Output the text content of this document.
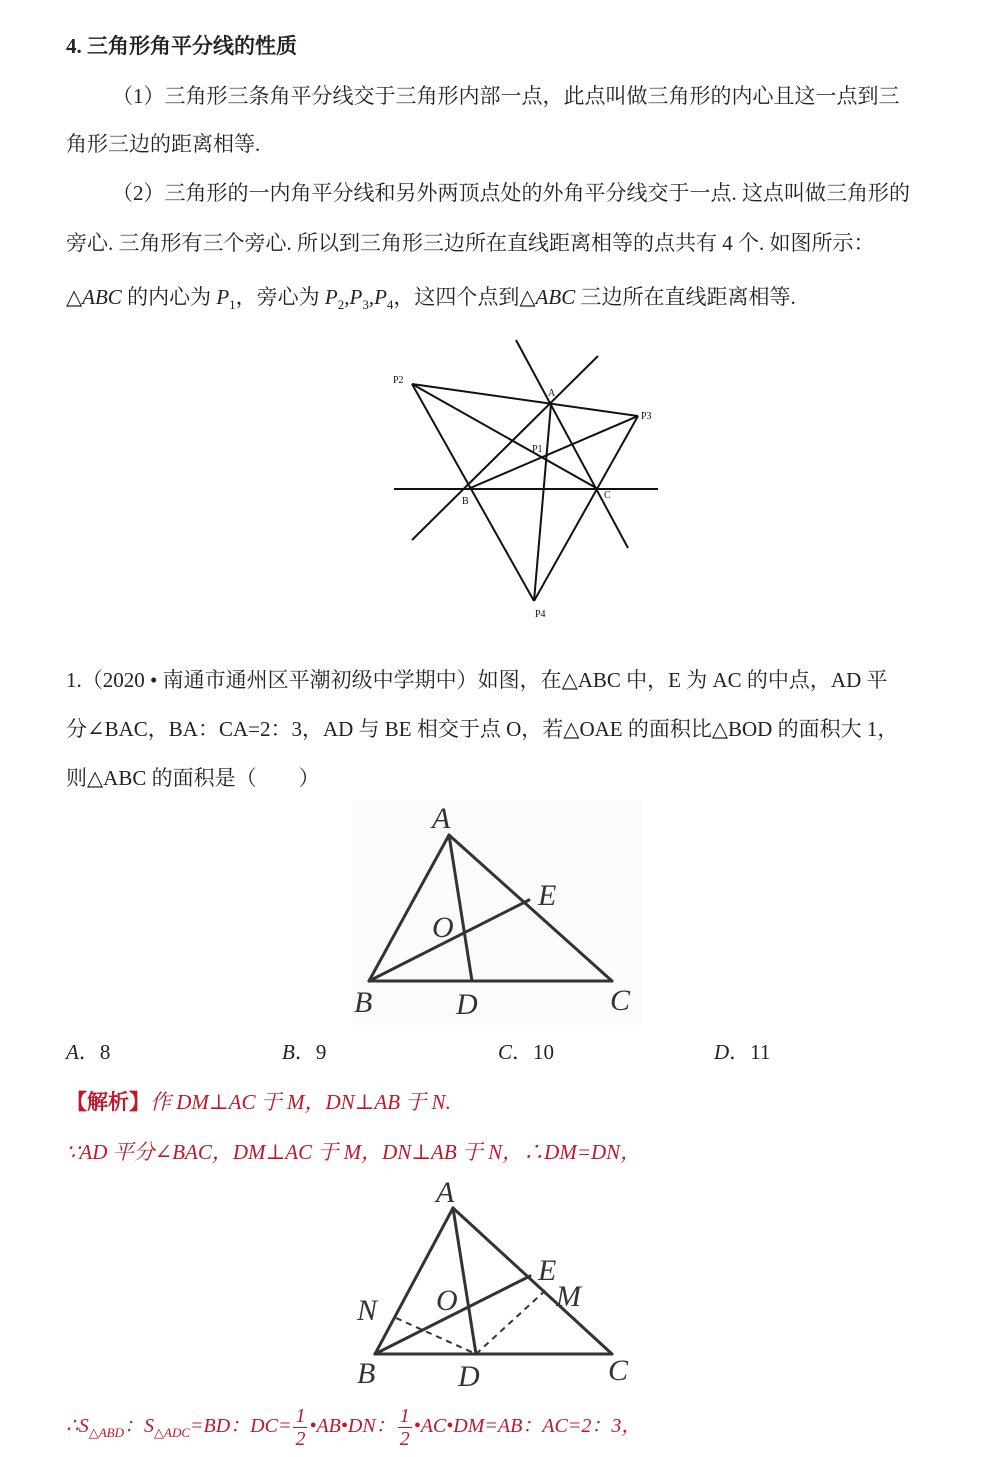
4. 三角形角平分线的性质
（1）三角形三条角平分线交于三角形内部一点，此点叫做三角形的内心且这一点到三
角形三边的距离相等.
（2）三角形的一内角平分线和另外两顶点处的外角平分线交于一点. 这点叫做三角形的
旁心. 三角形有三个旁心. 所以到三角形三边所在直线距离相等的点共有 4 个. 如图所示：
△ABC 的内心为 $P_1$，旁心为 $P_2,P_3,P_4$，这四个点到△ABC 三边所在直线距离相等.
P2
A
P3
P1
B
C
P4
1.（2020 • 南通市通州区平潮初级中学期中）如图，在△ABC 中，E 为 AC 的中点，AD 平
分∠BAC，BA：CA=2：3，AD 与 BE 相交于点 O，若△OAE 的面积比△BOD 的面积大 1，
则△ABC 的面积是（　　）
A
E
O
B	D	C
A．8	B．9	C．10	D．11
【解析】作 DM⊥AC 于 M，DN⊥AB 于 N.
∵AD 平分∠BAC，DM⊥AC 于 M，DN⊥AB 于 N，∴DM=DN，
A
E
M
N O
B	D	C
$\therefore S_{\triangle ABD}$：$S_{\triangle ADC}=BD$：$DC= \frac{1}{2}$ •AB•DN： $\frac{1}{2}$ •AC•DM=AB：AC=2：3，
